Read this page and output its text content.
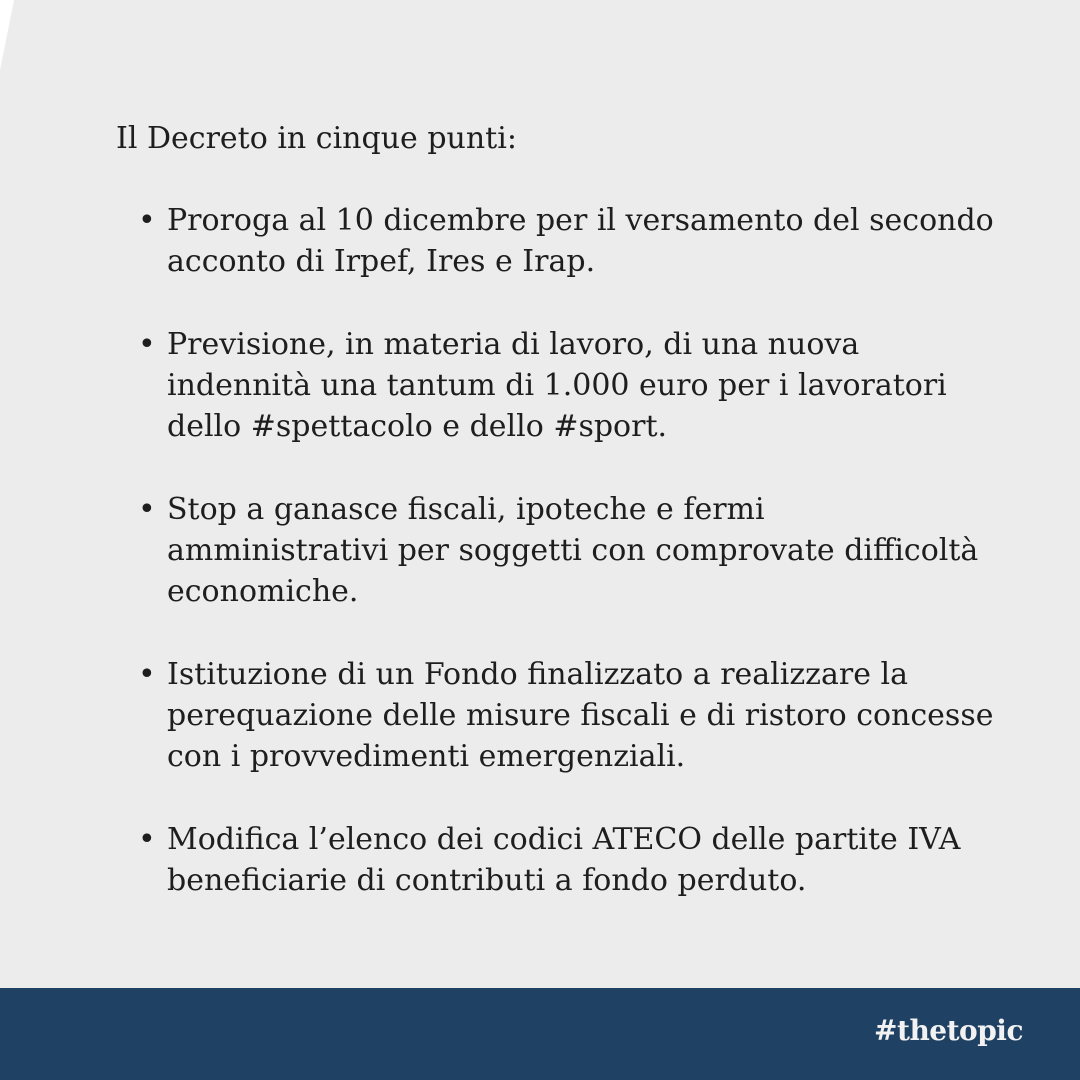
Il Decreto in cinque punti:

• Proroga al 10 dicembre per il versamento del secondo
acconto di Irpef, Ires e Irap.
• Previsione, in materia di lavoro, di una nuova
indennità una tantum di 1.000 euro per i lavoratori
dello #spettacolo e dello #sport.
• Stop a ganasce fiscali, ipoteche e fermi
amministrativi per soggetti con comprovate difficoltà
economiche.
• Istituzione di un Fondo finalizzato a realizzare la
perequazione delle misure fiscali e di ristoro concesse
con i provvedimenti emergenziali.
• Modifica l’elenco dei codici ATECO delle partite IVA
beneficiarie di contributi a fondo perduto.
#thetopic
